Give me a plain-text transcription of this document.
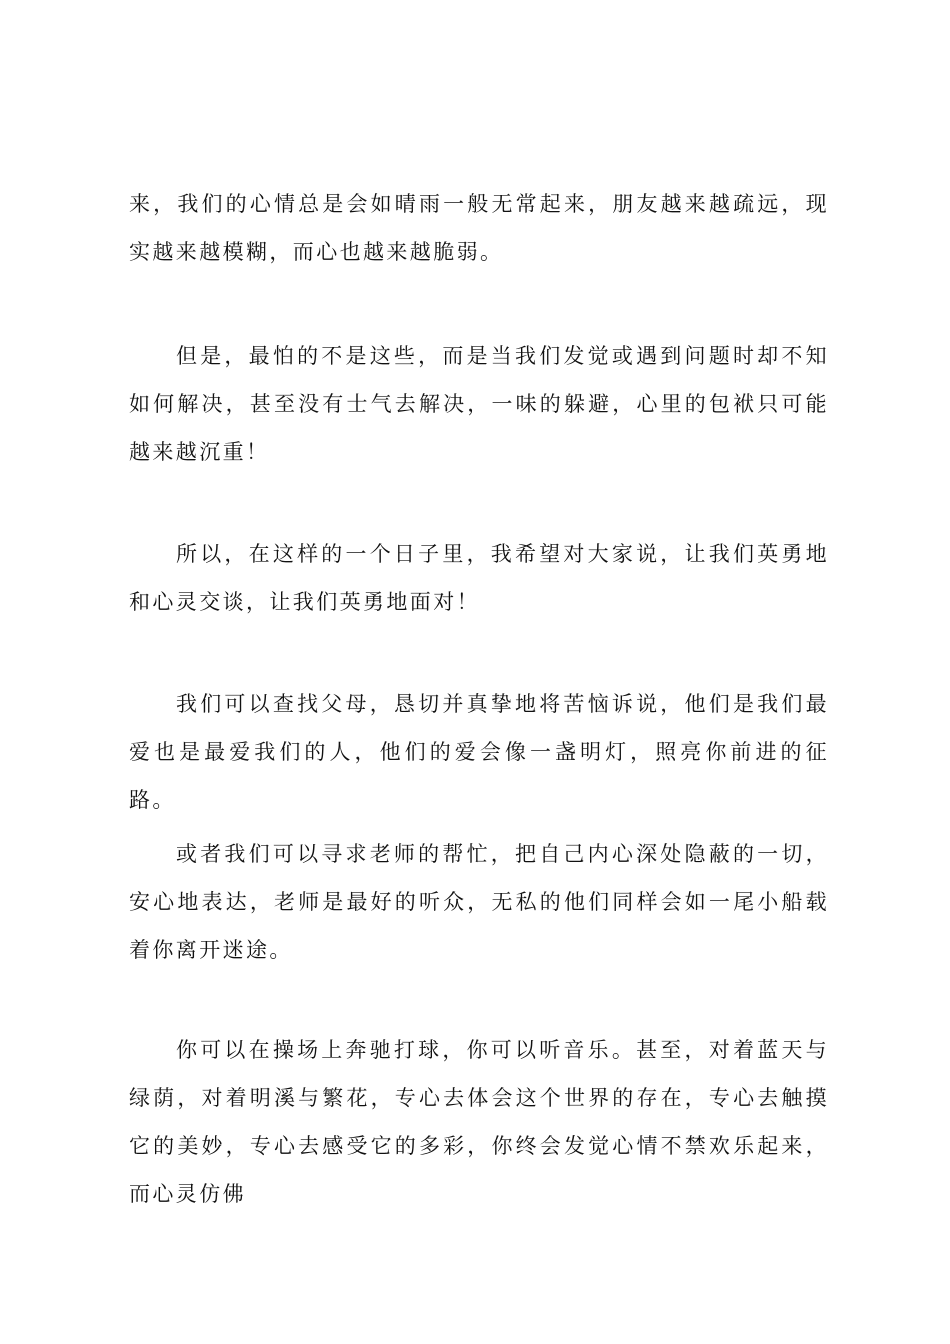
来，我们的心情总是会如晴雨一般无常起来，朋友越来越疏远，现实越来越模糊，而心也越来越脆弱。

但是，最怕的不是这些，而是当我们发觉或遇到问题时却不知如何解决，甚至没有士气去解决，一味的躲避，心里的包袱只可能越来越沉重！

所以，在这样的一个日子里，我希望对大家说，让我们英勇地和心灵交谈，让我们英勇地面对！

我们可以查找父母，恳切并真挚地将苦恼诉说，他们是我们最爱也是最爱我们的人，他们的爱会像一盏明灯，照亮你前进的征路。

或者我们可以寻求老师的帮忙，把自己内心深处隐蔽的一切，安心地表达，老师是最好的听众，无私的他们同样会如一尾小船载着你离开迷途。

你可以在操场上奔驰打球，你可以听音乐。甚至，对着蓝天与绿荫，对着明溪与繁花，专心去体会这个世界的存在，专心去触摸它的美妙，专心去感受它的多彩，你终会发觉心情不禁欢乐起来，而心灵仿佛
